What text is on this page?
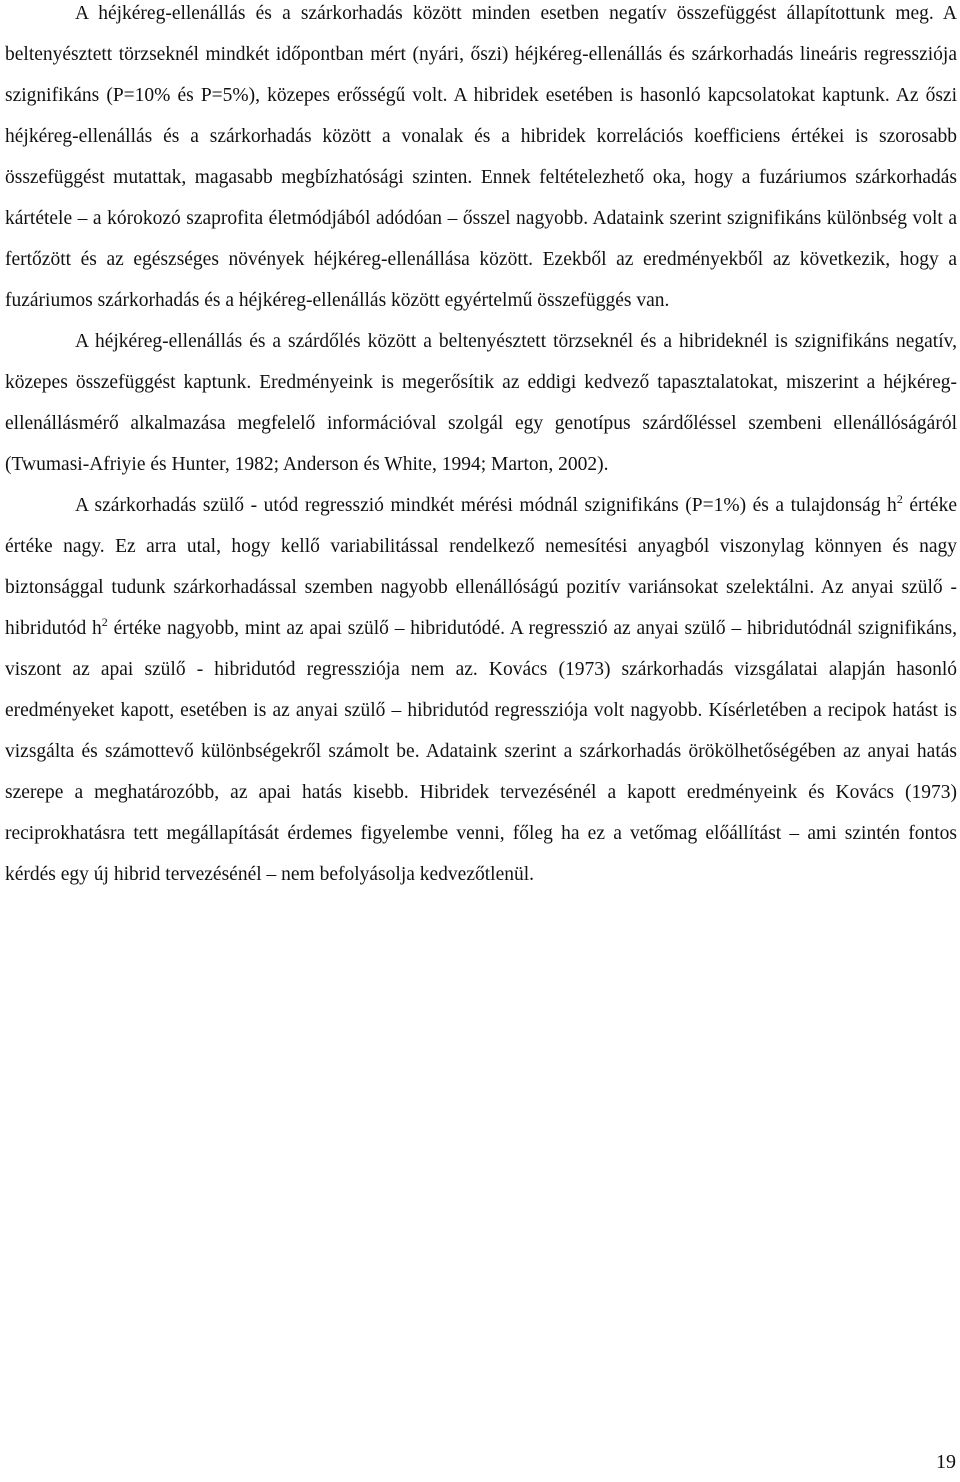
A héjkéreg-ellenállás és a szárkorhadás között minden esetben negatív összefüggést állapítottunk meg. A beltenyésztett törzseknél mindkét időpontban mért (nyári, őszi) héjkéreg-ellenállás és szárkorhadás lineáris regressziója szignifikáns (P=10% és P=5%), közepes erősségű volt. A hibridek esetében is hasonló kapcsolatokat kaptunk. Az őszi héjkéreg-ellenállás és a szárkorhadás között a vonalak és a hibridek korrelációs koefficiens értékei is szorosabb összefüggést mutattak, magasabb megbízhatósági szinten. Ennek feltételezhető oka, hogy a fuzáriumos szárkorhadás kártétele – a kórokozó szaprofita életmódjából adódóan – ősszel nagyobb. Adataink szerint szignifikáns különbség volt a fertőzött és az egészséges növények héjkéreg-ellenállása között. Ezekből az eredményekből az következik, hogy a fuzáriumos szárkorhadás és a héjkéreg-ellenállás között egyértelmű összefüggés van.

A héjkéreg-ellenállás és a szárdőlés között a beltenyésztett törzseknél és a hibrideknél is szignifikáns negatív, közepes összefüggést kaptunk. Eredményeink is megerősítik az eddigi kedvező tapasztalatokat, miszerint a héjkéreg-ellenállásmérő alkalmazása megfelelő információval szolgál egy genotípus szárdőléssel szembeni ellenállóságáról (Twumasi-Afriyie és Hunter, 1982; Anderson és White, 1994; Marton, 2002).

A szárkorhadás szülő - utód regresszió mindkét mérési módnál szignifikáns (P=1%) és a tulajdonság $h^2$ értéke értéke nagy. Ez arra utal, hogy kellő variabilitással rendelkező nemesítési anyagból viszonylag könnyen és nagy biztonsággal tudunk szárkorhadással szemben nagyobb ellenállóságú pozitív variánsokat szelektálni. Az anyai szülő - hibridutód $h^2$ értéke nagyobb, mint az apai szülő – hibridutódé. A regresszió az anyai szülő – hibridutódnál szignifikáns, viszont az apai szülő - hibridutód regressziója nem az. Kovács (1973) szárkorhadás vizsgálatai alapján hasonló eredményeket kapott, esetében is az anyai szülő – hibridutód regressziója volt nagyobb. Kísérletében a recipok hatást is vizsgálta és számottevő különbségekről számolt be. Adataink szerint a szárkorhadás örökölhetőségében az anyai hatás szerepe a meghatározóbb, az apai hatás kisebb. Hibridek tervezésénél a kapott eredményeink és Kovács (1973) reciprokhatásra tett megállapítását érdemes figyelembe venni, főleg ha ez a vetőmag előállítást – ami szintén fontos kérdés egy új hibrid tervezésénél – nem befolyásolja kedvezőtlenül.

19
